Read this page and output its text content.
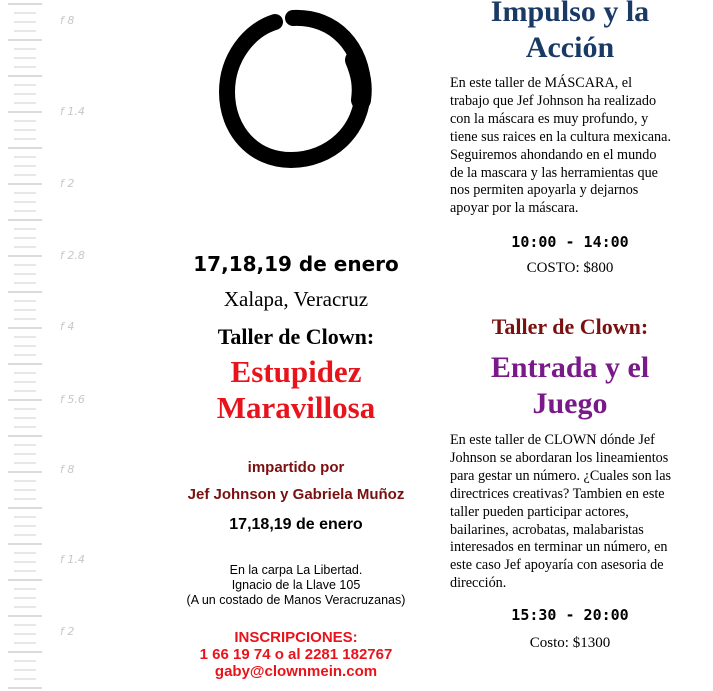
f 8
f 1.4
f 2
f 2.8
f 4
f 5.6
f 8
f 1.4
f 2
17,18,19 de enero
Xalapa, Veracruz
Taller de Clown:
Estupidez
Maravillosa
impartido por
Jef Johnson y Gabriela Muñoz
17,18,19 de enero
En la carpa La Libertad.
Ignacio de la Llave 105
(A un costado de Manos Veracruzanas)
INSCRIPCIONES:
1 66 19 74 o al 2281 182767
gaby@clownmein.com
Impulso y la
Acción
En este taller de MÁSCARA, el
trabajo que Jef Johnson ha realizado
con la máscara es muy profundo, y
tiene sus raices en la cultura mexicana.
Seguiremos ahondando en el mundo
de la mascara y las herramientas que
nos permiten apoyarla y dejarnos
apoyar por la máscara.
10:00 - 14:00
COSTO: $800
Taller de Clown:
Entrada y el
Juego
En este taller de CLOWN dónde Jef
Johnson se abordaran los lineamientos
para gestar un número. ¿Cuales son las
directrices creativas? Tambien en este
taller pueden participar actores,
bailarines, acrobatas, malabaristas
interesados en terminar un número, en
este caso Jef apoyaría con asesoria de
dirección.
15:30 - 20:00
Costo: $1300
